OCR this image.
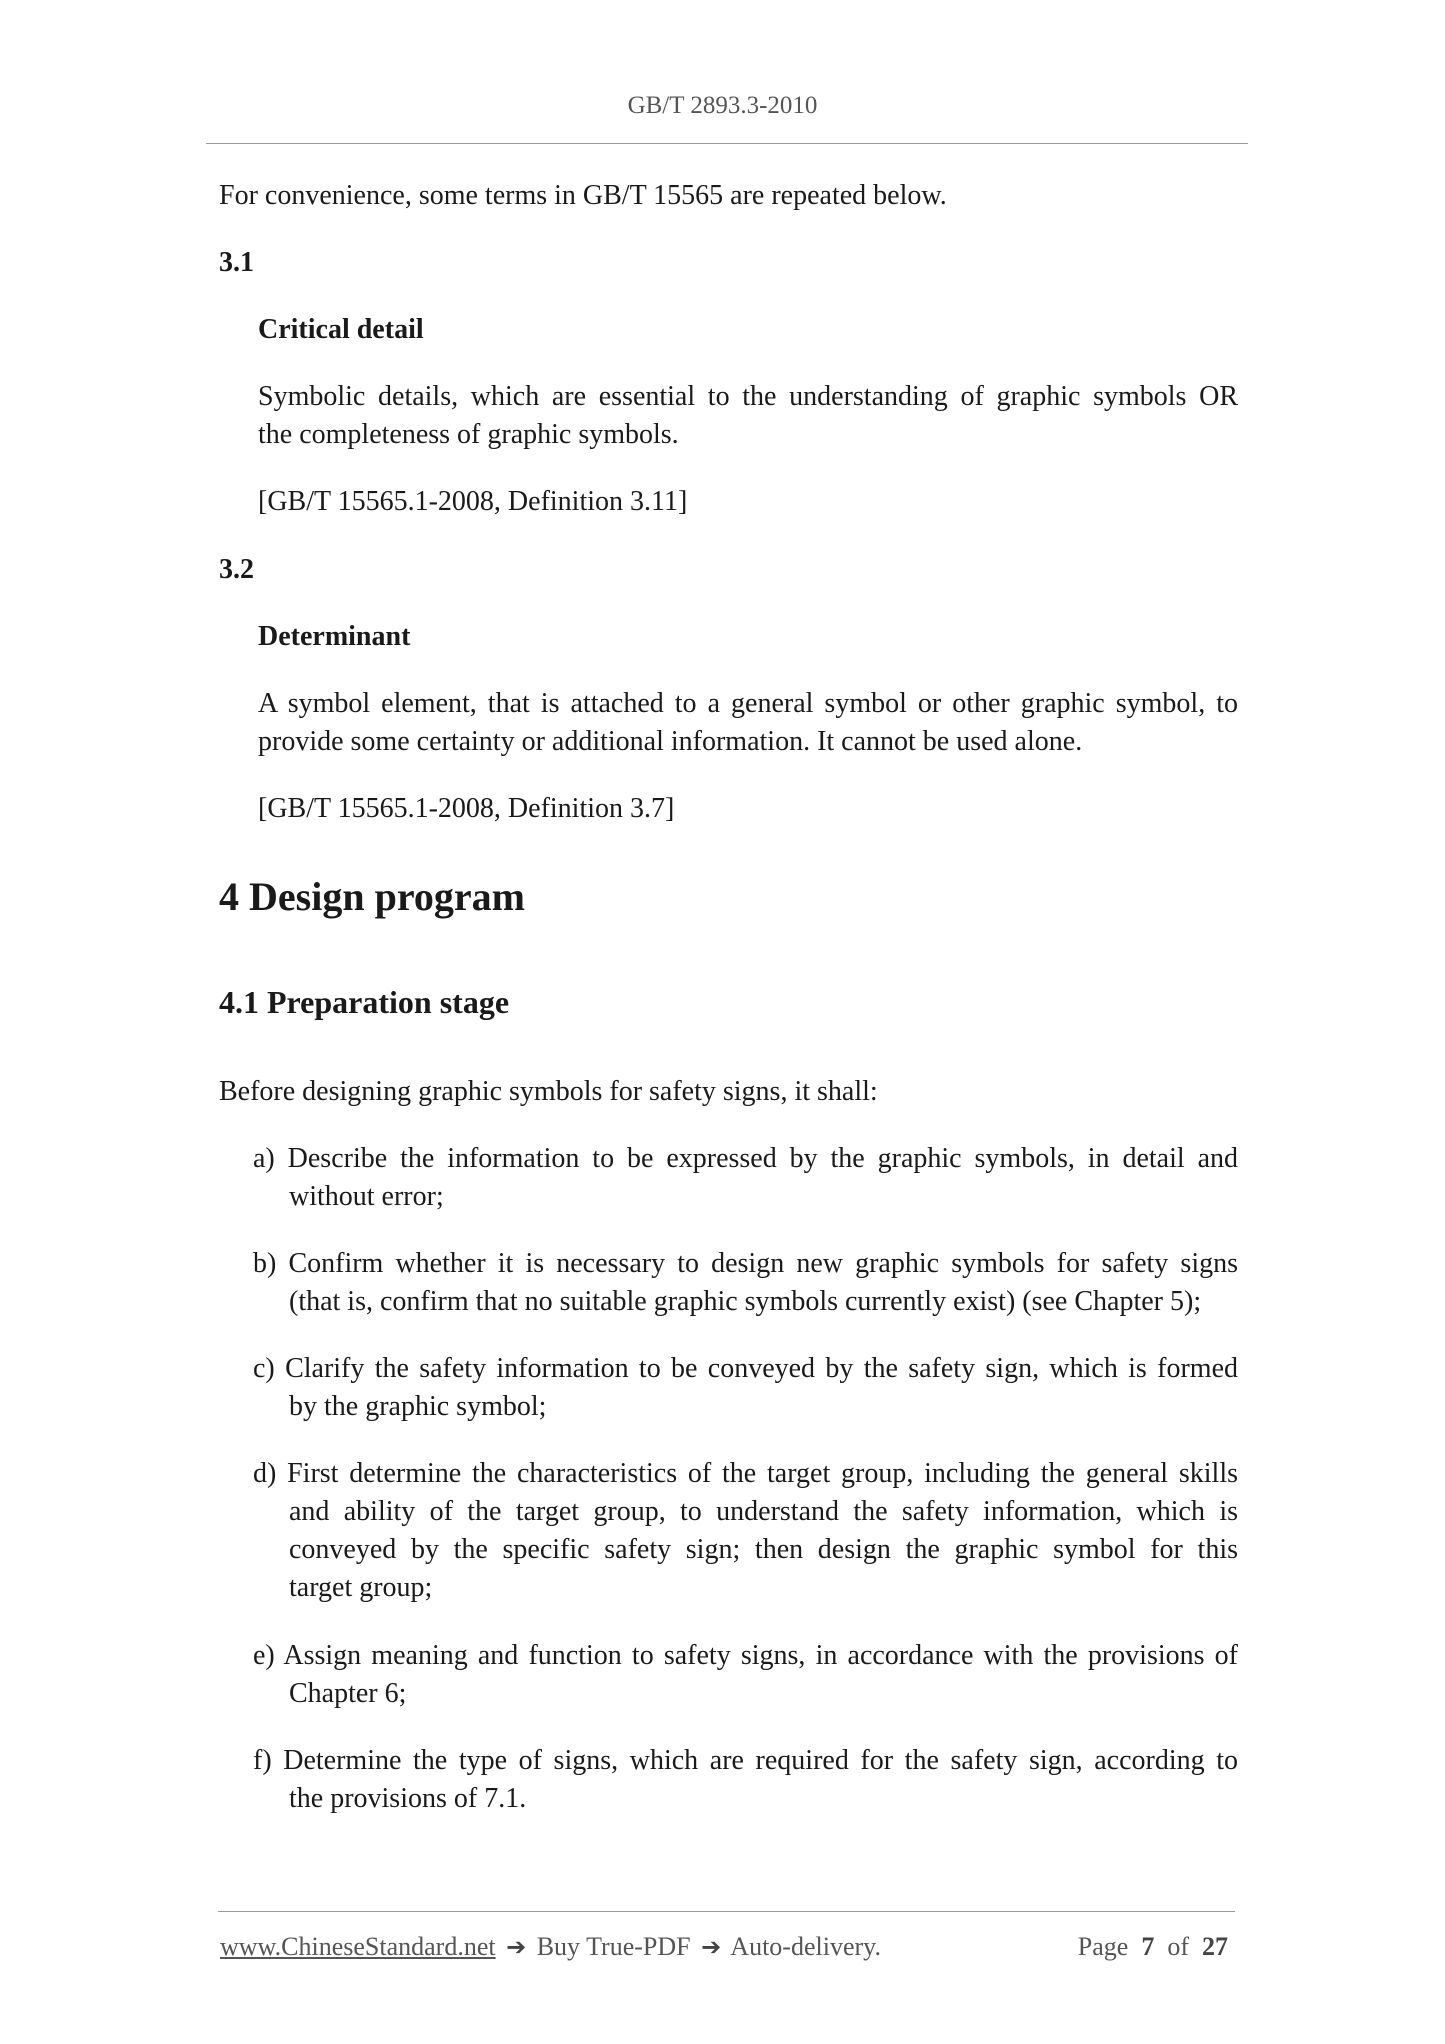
GB/T 2893.3-2010

For convenience, some terms in GB/T 15565 are repeated below.

3.1

Critical detail

Symbolic details, which are essential to the understanding of graphic symbols OR

the completeness of graphic symbols.

[GB/T 15565.1-2008, Definition 3.11]

3.2

Determinant

A symbol element, that is attached to a general symbol or other graphic symbol, to

provide some certainty or additional information. It cannot be used alone.

[GB/T 15565.1-2008, Definition 3.7]

4 Design program
4.1 Preparation stage

Before designing graphic symbols for safety signs, it shall:

a) Describe the information to be expressed by the graphic symbols, in detail and
without error;
b) Confirm whether it is necessary to design new graphic symbols for safety signs
(that is, confirm that no suitable graphic symbols currently exist) (see Chapter 5);
c) Clarify the safety information to be conveyed by the safety sign, which is formed
by the graphic symbol;
d) First determine the characteristics of the target group, including the general skills
and ability of the target group, to understand the safety information, which is
conveyed by the specific safety sign; then design the graphic symbol for this
target group;
e) Assign meaning and function to safety signs, in accordance with the provisions of
Chapter 6;
f) Determine the type of signs, which are required for the safety sign, according to
the provisions of 7.1.
www.ChineseStandard.net ➔ Buy True-PDF ➔ Auto-delivery.	Page 7 of 27
